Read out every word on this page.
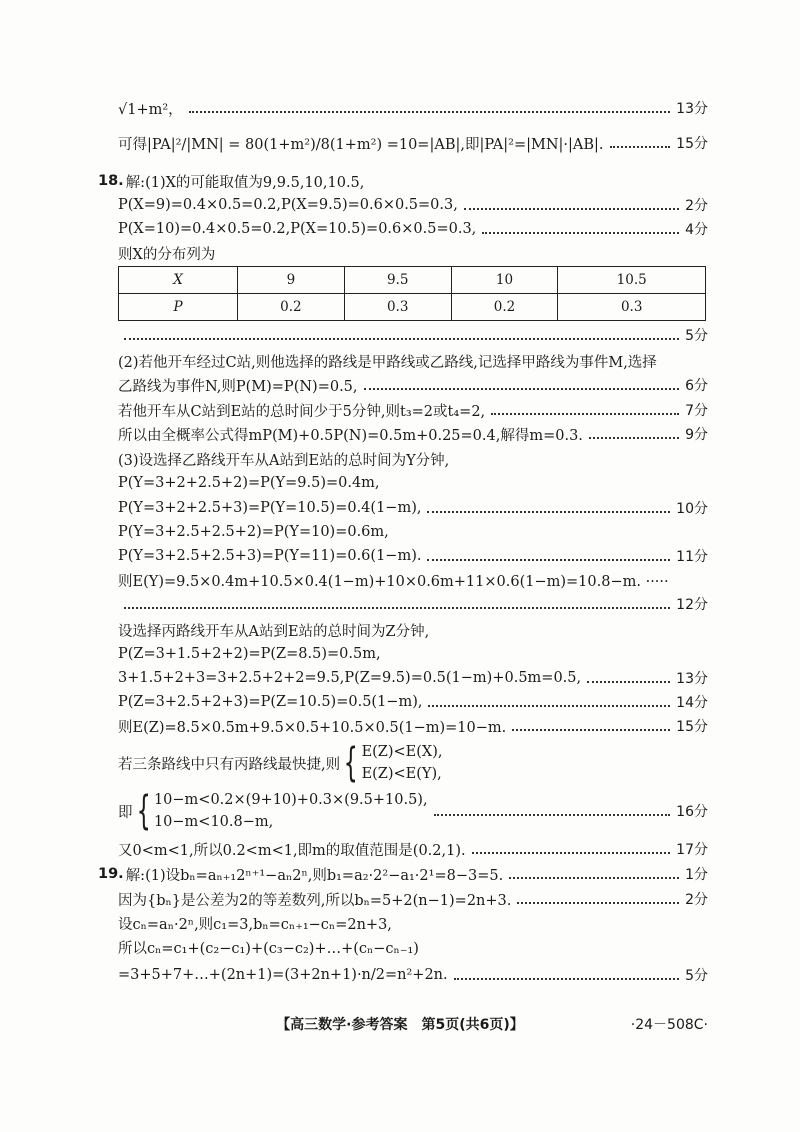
√1+m²，	13分
可得|PA|²/|MN| = 80(1+m²)/8(1+m²) =10=|AB|,即|PA|²=|MN|·|AB|.	15分
18. 解:(1)X的可能取值为9,9.5,10,10.5,
P(X=9)=0.4×0.5=0.2,P(X=9.5)=0.6×0.5=0.3,	2分
P(X=10)=0.4×0.5=0.2,P(X=10.5)=0.6×0.5=0.3,	4分
则X的分布列为
X	9	9.5	10	10.5
P	0.2	0.3	0.2	0.3
5分
(2)若他开车经过C站,则他选择的路线是甲路线或乙路线,记选择甲路线为事件M,选择
乙路线为事件N,则P(M)=P(N)=0.5,	6分
若他开车从C站到E站的总时间少于5分钟,则t₃=2或t₄=2,	7分
所以由全概率公式得mP(M)+0.5P(N)=0.5m+0.25=0.4,解得m=0.3.	9分
(3)设选择乙路线开车从A站到E站的总时间为Y分钟,
P(Y=3+2+2.5+2)=P(Y=9.5)=0.4m,
P(Y=3+2+2.5+3)=P(Y=10.5)=0.4(1−m),	10分
P(Y=3+2.5+2.5+2)=P(Y=10)=0.6m,
P(Y=3+2.5+2.5+3)=P(Y=11)=0.6(1−m).	11分
则E(Y)=9.5×0.4m+10.5×0.4(1−m)+10×0.6m+11×0.6(1−m)=10.8−m. ·····
12分
设选择丙路线开车从A站到E站的总时间为Z分钟,
P(Z=3+1.5+2+2)=P(Z=8.5)=0.5m,
3+1.5+2+3=3+2.5+2+2=9.5,P(Z=9.5)=0.5(1−m)+0.5m=0.5,	13分
P(Z=3+2.5+2+3)=P(Z=10.5)=0.5(1−m),	14分
则E(Z)=8.5×0.5m+9.5×0.5+10.5×0.5(1−m)=10−m.	15分
若三条路线中只有丙路线最快捷,则 { E(Z)<E(X),
E(Z)<E(Y),
即 { 10−m<0.2×(9+10)+0.3×(9.5+10.5),
10−m<10.8−m,
16分
又0<m<1,所以0.2<m<1,即m的取值范围是(0.2,1).	17分
19. 解:(1)设bₙ=aₙ₊₁2ⁿ⁺¹−aₙ2ⁿ,则b₁=a₂·2²−a₁·2¹=8−3=5.	1分
因为{bₙ}是公差为2的等差数列,所以bₙ=5+2(n−1)=2n+3.	2分
设cₙ=aₙ·2ⁿ,则c₁=3,bₙ=cₙ₊₁−cₙ=2n+3,
所以cₙ=c₁+(c₂−c₁)+(c₃−c₂)+…+(cₙ−cₙ₋₁)
=3+5+7+…+(2n+1)=(3+2n+1)·n/2=n²+2n.	5分
【高三数学·参考答案　第5页(共6页)】	·24－508C·
